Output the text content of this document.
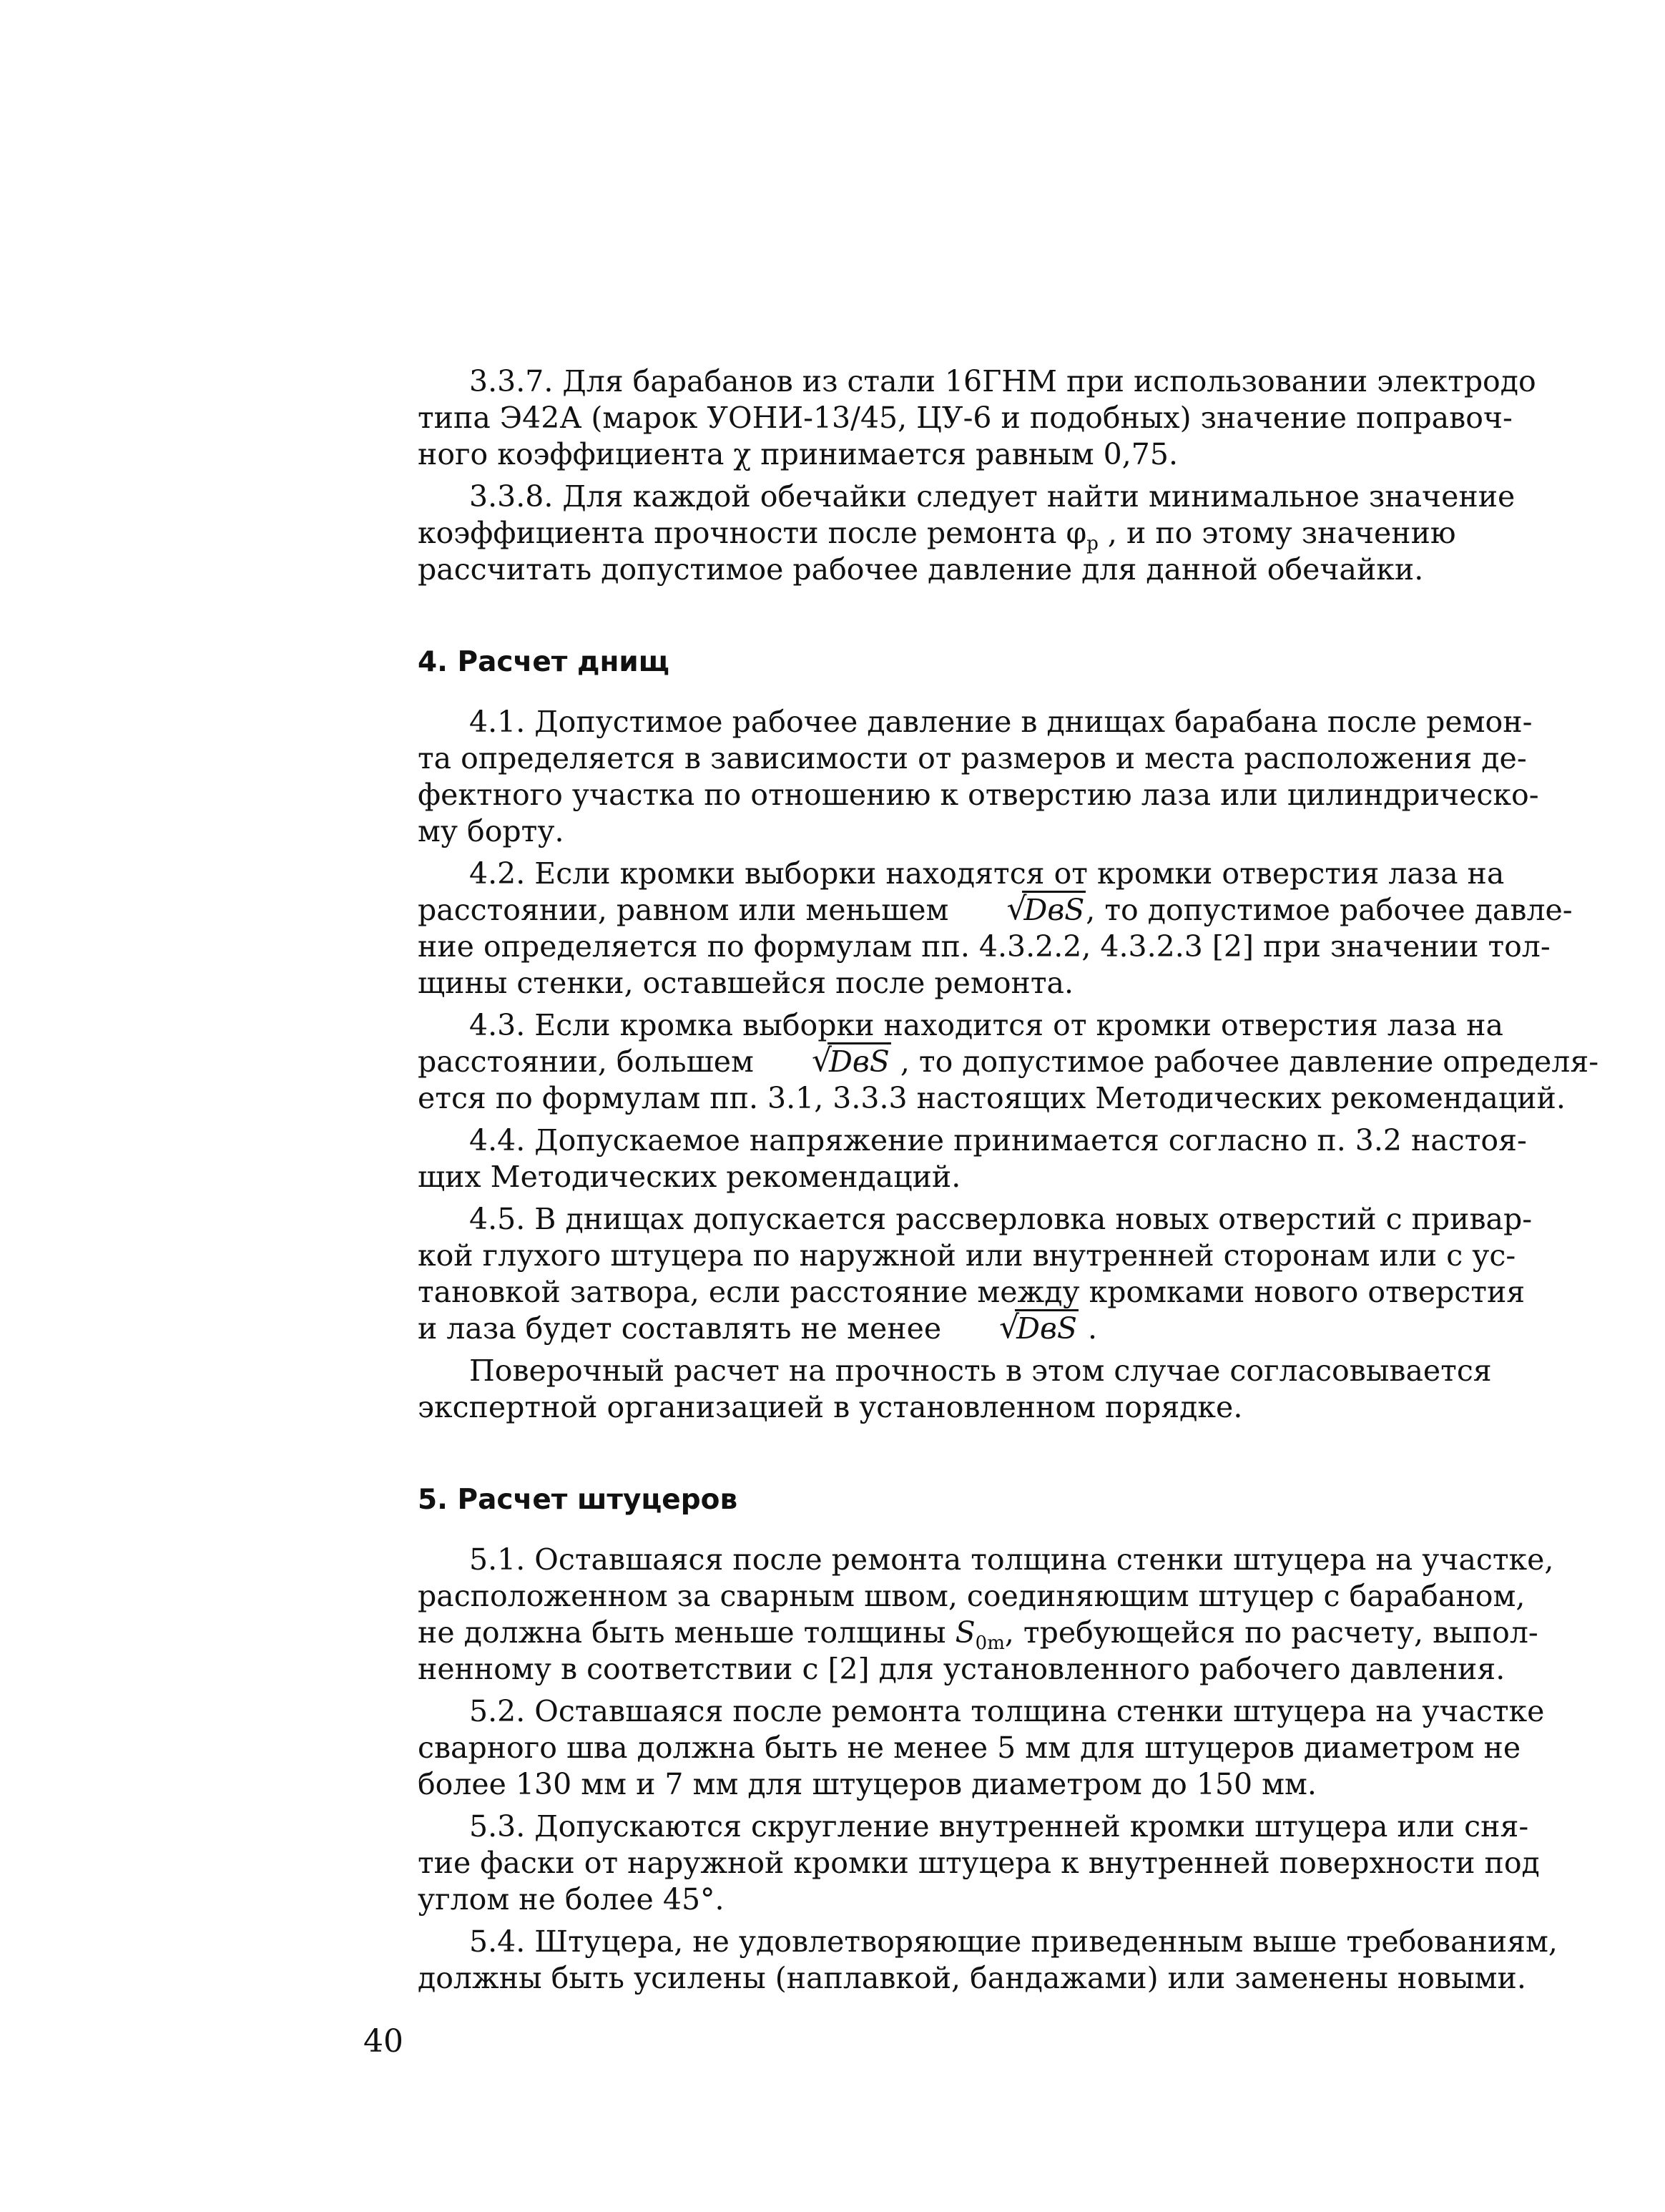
3.3.7. Для барабанов из стали 16ГНМ при использовании электродо
типа Э42А (марок УОНИ-13/45, ЦУ-6 и подобных) значение поправоч-
ного коэффициента χ принимается равным 0,75.
3.3.8. Для каждой обечайки следует найти минимальное значение
коэффициента прочности после ремонта $\varphi_р$ , и по этому значению
рассчитать допустимое рабочее давление для данной обечайки.
4. Расчет днищ
4.1. Допустимое рабочее давление в днищах барабана после ремон-
та определяется в зависимости от размеров и места расположения де-
фектного участка по отношению к отверстию лаза или цилиндрическо-
му борту.
4.2. Если кромки выборки находятся от кромки отверстия лаза на
расстоянии, равном или меньшем	√ DвS, то допустимое рабочее давле-
ние определяется по формулам пп. 4.3.2.2, 4.3.2.3 [2] при значении тол-
щины стенки, оставшейся после ремонта.
4.3. Если кромка выборки находится от кромки отверстия лаза на
расстоянии, большем	√ DвS , то допустимое рабочее давление определя-
ется по формулам пп. 3.1, 3.3.3 настоящих Методических рекомендаций.
4.4. Допускаемое напряжение принимается согласно п. 3.2 настоя-
щих Методических рекомендаций.
4.5. В днищах допускается рассверловка новых отверстий с привар-
кой глухого штуцера по наружной или внутренней сторонам или с ус-
тановкой затвора, если расстояние между кромками нового отверстия
и лаза будет составлять не менее	√ DвS .
Поверочный расчет на прочность в этом случае согласовывается
экспертной организацией в установленном порядке.
5. Расчет штуцеров
5.1. Оставшаяся после ремонта толщина стенки штуцера на участке,
расположенном за сварным швом, соединяющим штуцер с барабаном,
не должна быть меньше толщины $S_{0m}$, требующейся по расчету, выпол-
ненному в соответствии с [2] для установленного рабочего давления.
5.2. Оставшаяся после ремонта толщина стенки штуцера на участке
сварного шва должна быть не менее 5 мм для штуцеров диаметром не
более 130 мм и 7 мм для штуцеров диаметром до 150 мм.
5.3. Допускаются скругление внутренней кромки штуцера или сня-
тие фаски от наружной кромки штуцера к внутренней поверхности под
углом не более 45°.
5.4. Штуцера, не удовлетворяющие приведенным выше требованиям,
должны быть усилены (наплавкой, бандажами) или заменены новыми.
40
